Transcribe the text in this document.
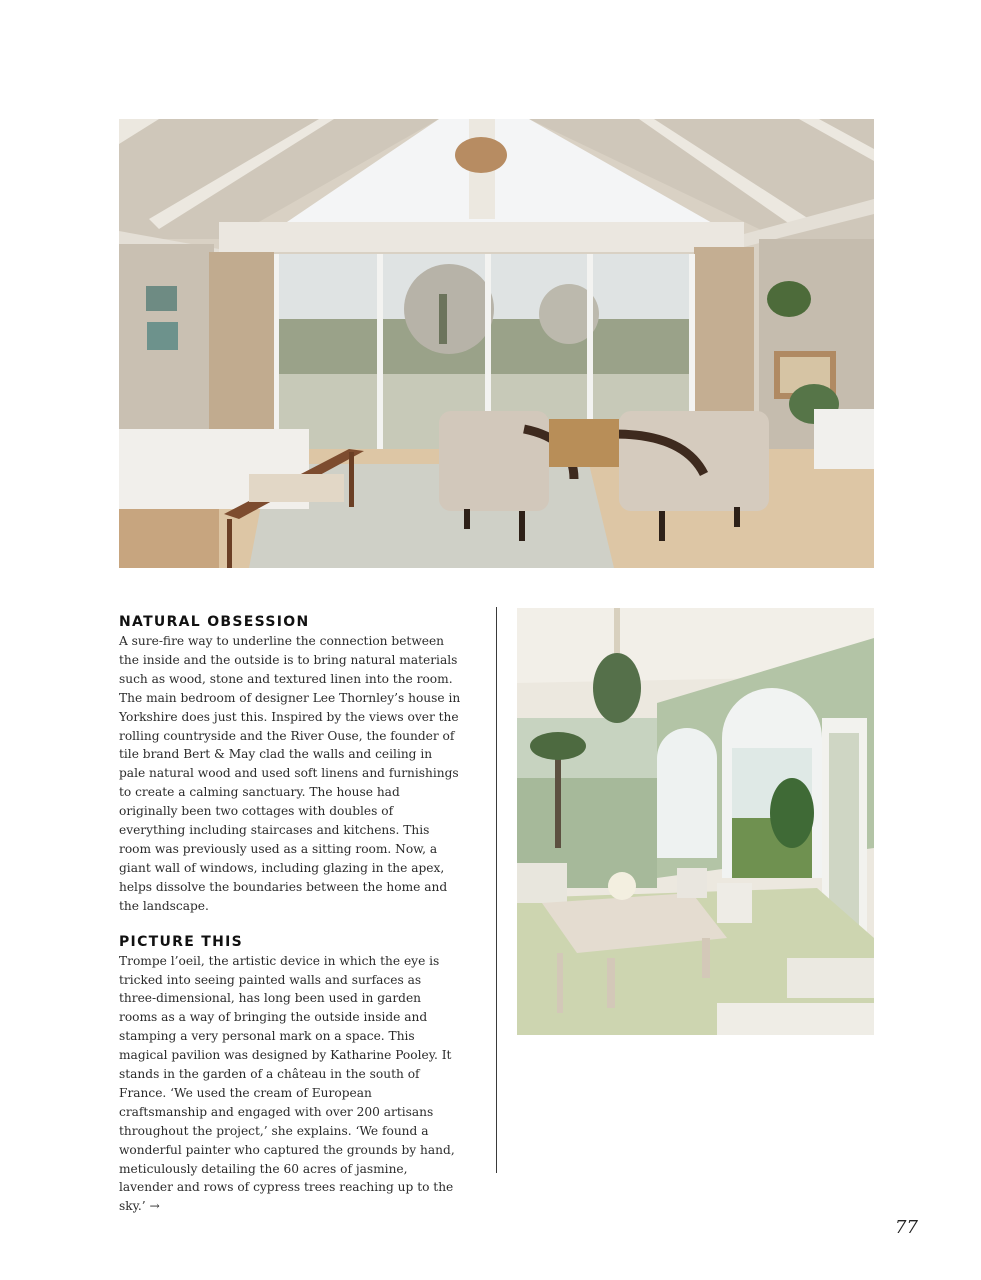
NATURAL OBSESSION

A sure-fire way to underline the connection between the inside and the outside is to bring natural materials such as wood, stone and textured linen into the room. The main bedroom of designer Lee Thornley’s house in Yorkshire does just this. Inspired by the views over the rolling countryside and the River Ouse, the founder of tile brand Bert & May clad the walls and ceiling in pale natural wood and used soft linens and furnishings to create a calming sanctuary. The house had originally been two cottages with doubles of everything including staircases and kitchens. This room was previously used as a sitting room. Now, a giant wall of windows, including glazing in the apex, helps dissolve the boundaries between the home and the landscape.

PICTURE THIS

Trompe l’oeil, the artistic device in which the eye is tricked into seeing painted walls and surfaces as three-dimensional, has long been used in garden rooms as a way of bringing the outside inside and stamping a very personal mark on a space. This magical pavilion was designed by Katharine Pooley. It stands in the garden of a château in the south of France. ‘We used the cream of European craftsmanship and engaged with over 200 artisans throughout the project,’ she explains. ‘We found a wonderful painter who captured the grounds by hand, meticulously detailing the 60 acres of jasmine, lavender and rows of cypress trees reaching up to the sky.’ →

77
